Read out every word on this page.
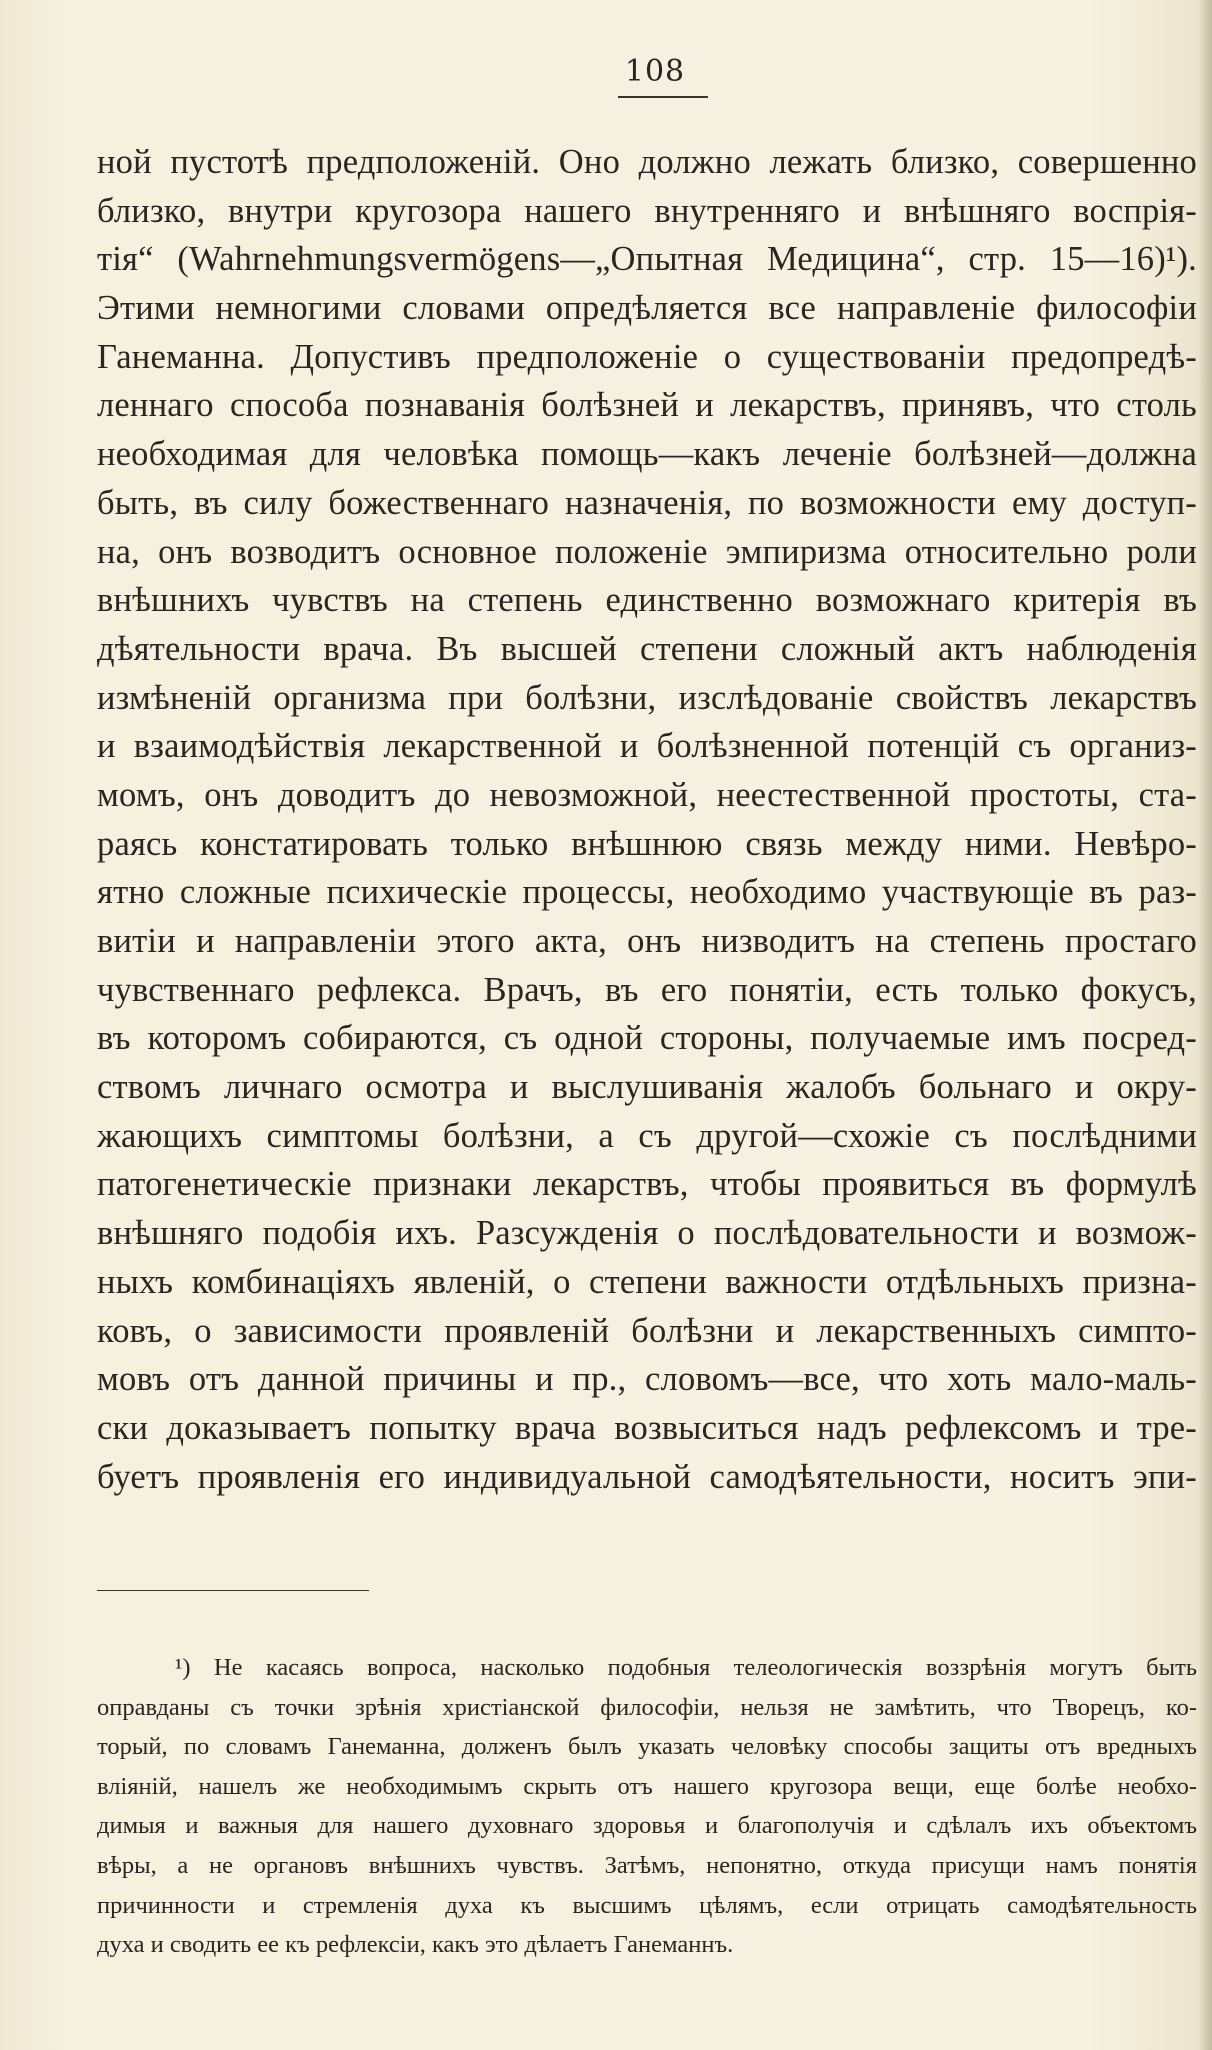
108
ной пустотѣ предположенiй. Оно должно лежать близко, совершенно
близко, внутри кругозора нашего внутренняго и внѣшняго воспрiя-
тiя“ (Wahrnehmungsvermögens—„Опытная Медицина“, стр. 15—16)¹).
Этими немногими словами опредѣляется все направленiе философiи
Ганеманна. Допустивъ предположенiе о существованiи предопредѣ-
леннаго способа познаванiя болѣзней и лекарствъ, принявъ, что столь
необходимая для человѣка помощь—какъ леченiе болѣзней—должна
быть, въ силу божественнаго назначенiя, по возможности ему доступ-
на, онъ возводитъ основное положенiе эмпиризма относительно роли
внѣшнихъ чувствъ на степень единственно возможнаго критерiя въ
дѣятельности врача. Въ высшей степени сложный актъ наблюденiя
измѣненiй организма при болѣзни, изслѣдованiе свойствъ лекарствъ
и взаимодѣйствiя лекарственной и болѣзненной потенцiй съ организ-
момъ, онъ доводитъ до невозможной, неестественной простоты, ста-
раясь констатировать только внѣшнюю связь между ними. Невѣро-
ятно сложные психическiе процессы, необходимо участвующiе въ раз-
витiи и направленiи этого акта, онъ низводитъ на степень простаго
чувственнаго рефлекса. Врачъ, въ его понятiи, есть только фокусъ,
въ которомъ собираются, съ одной стороны, получаемые имъ посред-
ствомъ личнаго осмотра и выслушиванiя жалобъ больнаго и окру-
жающихъ симптомы болѣзни, а съ другой—схожiе съ послѣдними
патогенетическiе признаки лекарствъ, чтобы проявиться въ формулѣ
внѣшняго подобiя ихъ. Разсужденiя о послѣдовательности и возмож-
ныхъ комбинацiяхъ явленiй, о степени важности отдѣльныхъ призна-
ковъ, о зависимости проявленiй болѣзни и лекарственныхъ симпто-
мовъ отъ данной причины и пр., словомъ—все, что хоть мало-маль-
ски доказываетъ попытку врача возвыситься надъ рефлексомъ и тре-
буетъ проявленiя его индивидуальной самодѣятельности, носитъ эпи-
¹) Не касаясь вопроса, насколько подобныя телеологическiя воззрѣнiя могутъ быть
оправданы съ точки зрѣнiя христiанской философiи, нельзя не замѣтить, что Творецъ, ко-
торый, по словамъ Ганеманна, долженъ былъ указать человѣку способы защиты отъ вредныхъ
влiянiй, нашелъ же необходимымъ скрыть отъ нашего кругозора вещи, еще болѣе необхо-
димыя и важныя для нашего духовнаго здоровья и благополучiя и сдѣлалъ ихъ объектомъ
вѣры, а не органовъ внѣшнихъ чувствъ. Затѣмъ, непонятно, откуда присущи намъ понятiя
причинности и стремленiя духа къ высшимъ цѣлямъ, если отрицать самодѣятельность
духа и сводить ее къ рефлексiи, какъ это дѣлаетъ Ганеманнъ.
